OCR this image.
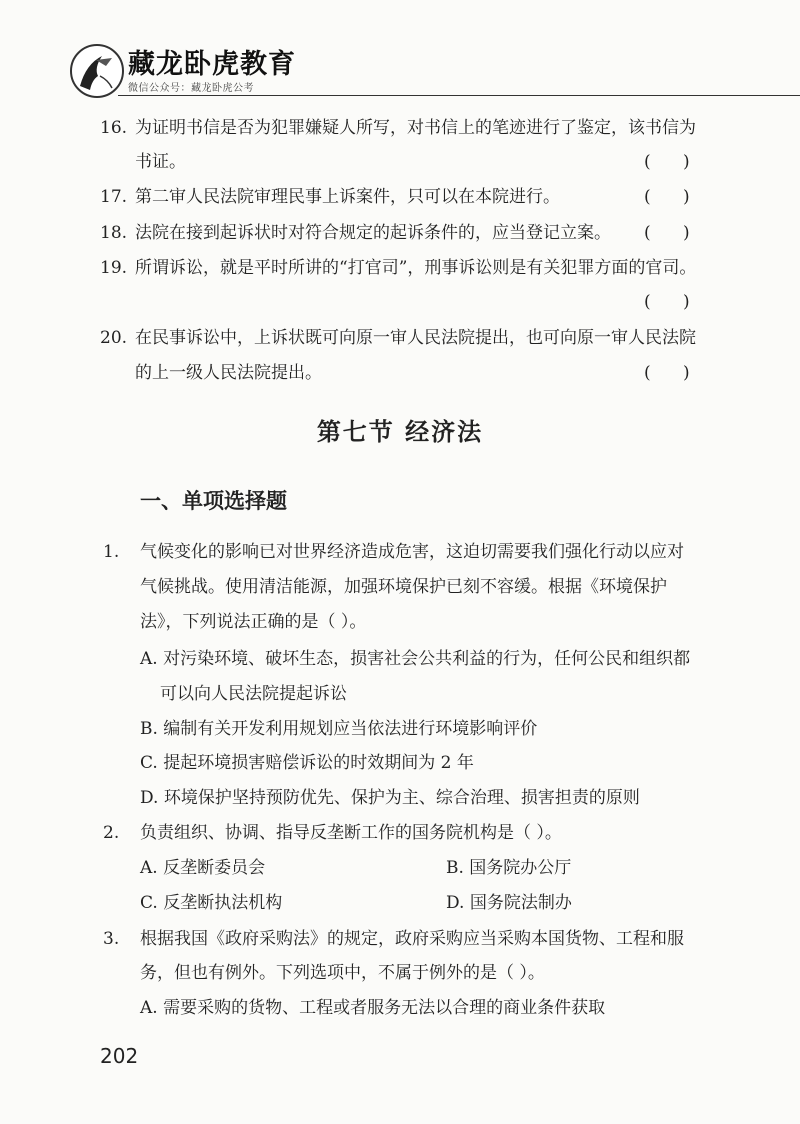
藏龙卧虎教育
微信公众号：藏龙卧虎公考
16. 为证明书信是否为犯罪嫌疑人所写，对书信上的笔迹进行了鉴定，该书信为
书证。	(      )
17. 第二审人民法院审理民事上诉案件，只可以在本院进行。	(      )
18. 法院在接到起诉状时对符合规定的起诉条件的，应当登记立案。 (      )
19. 所谓诉讼，就是平时所讲的“打官司”，刑事诉讼则是有关犯罪方面的官司。
(      )
20. 在民事诉讼中，上诉状既可向原一审人民法院提出，也可向原一审人民法院
的上一级人民法院提出。	(      )
第七节 经济法
一、单项选择题
1. 气候变化的影响已对世界经济造成危害，这迫切需要我们强化行动以应对
气候挑战。使用清洁能源，加强环境保护已刻不容缓。根据《环境保护
法》，下列说法正确的是（ ）。
A. 对污染环境、破坏生态，损害社会公共利益的行为，任何公民和组织都
可以向人民法院提起诉讼
B. 编制有关开发利用规划应当依法进行环境影响评价
C. 提起环境损害赔偿诉讼的时效期间为 2 年
D. 环境保护坚持预防优先、保护为主、综合治理、损害担责的原则
2. 负责组织、协调、指导反垄断工作的国务院机构是（ ）。
A. 反垄断委员会	B. 国务院办公厅
C. 反垄断执法机构	D. 国务院法制办
3. 根据我国《政府采购法》的规定，政府采购应当采购本国货物、工程和服
务，但也有例外。下列选项中，不属于例外的是（ ）。
A. 需要采购的货物、工程或者服务无法以合理的商业条件获取
202
